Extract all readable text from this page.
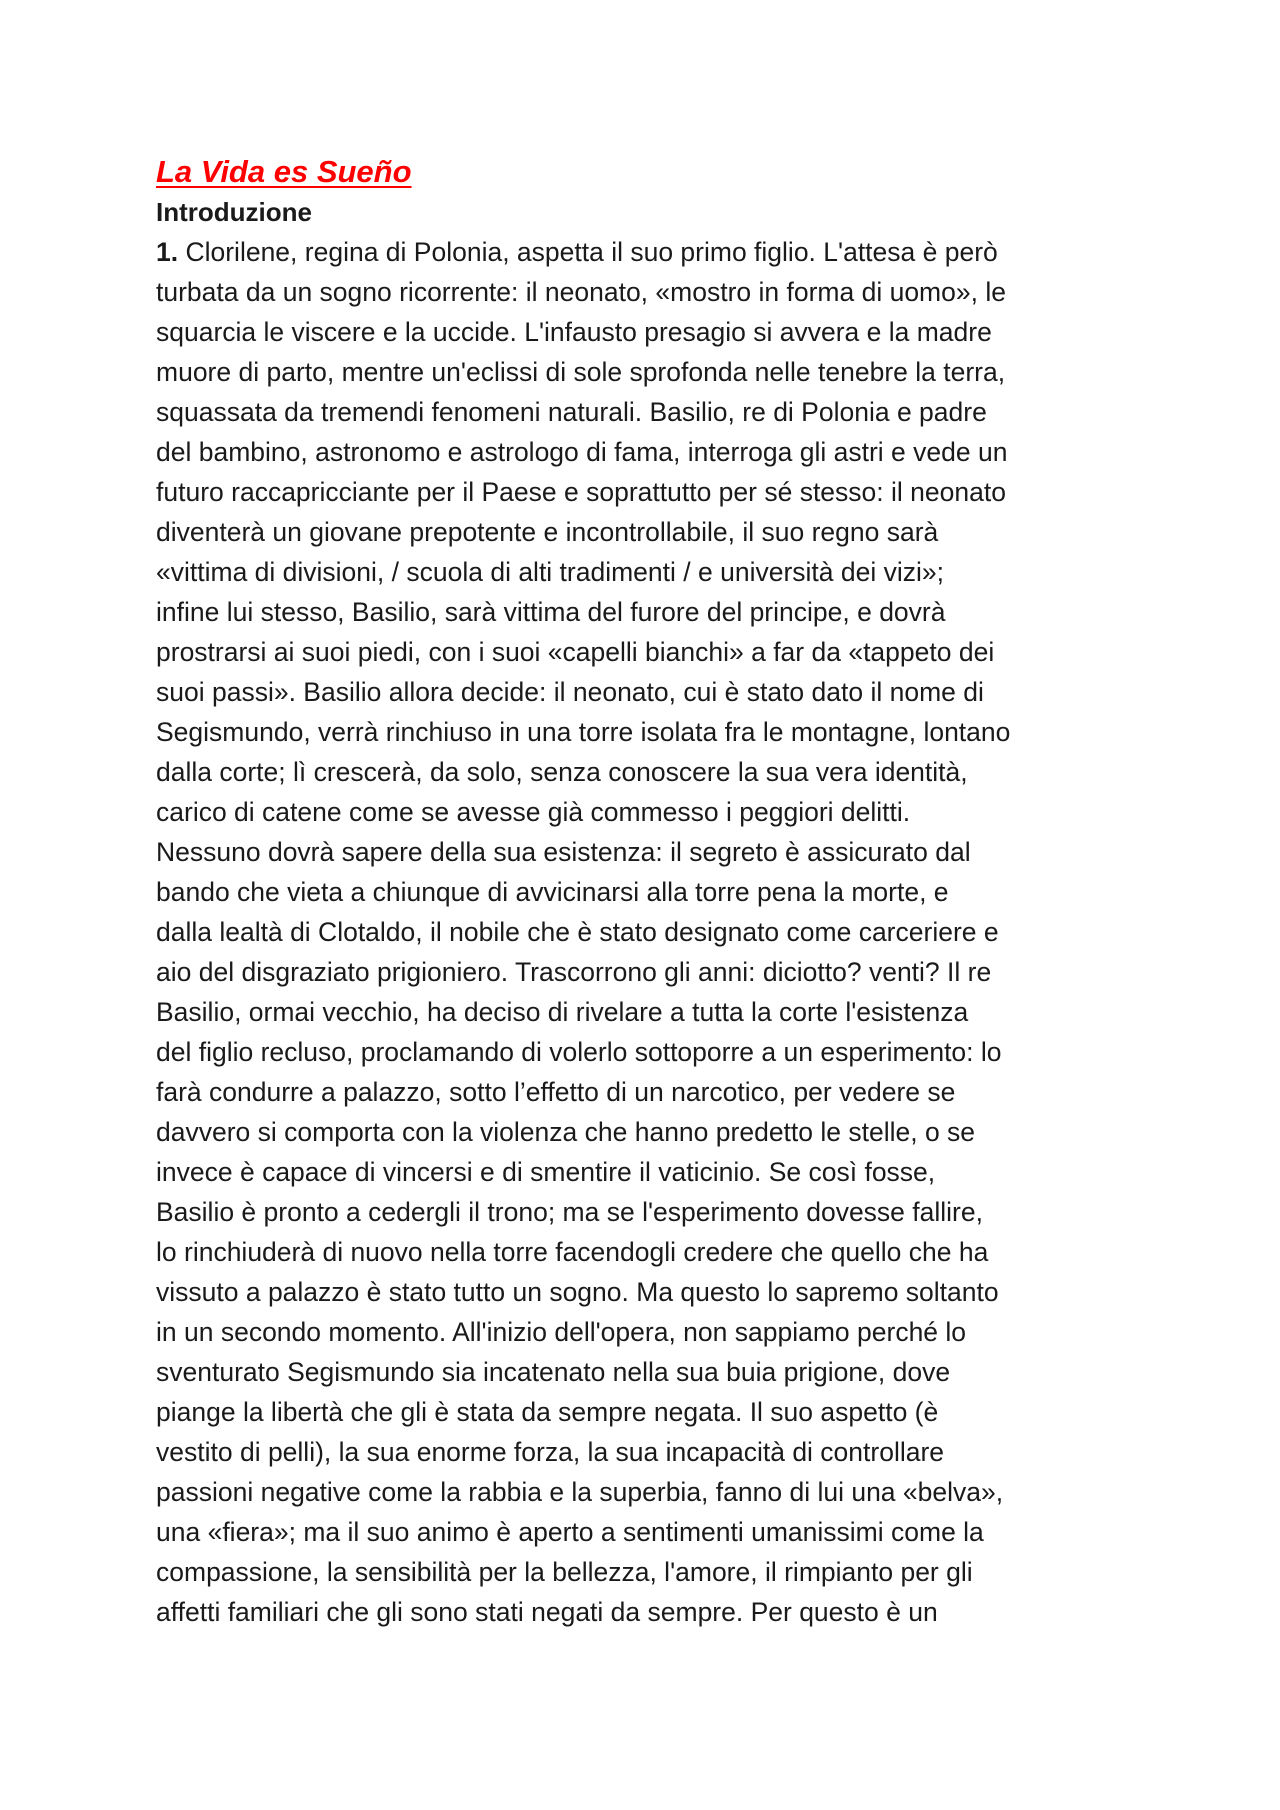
La Vida es Sueño
Introduzione
1. Clorilene, regina di Polonia, aspetta il suo primo figlio. L'attesa è però
turbata da un sogno ricorrente: il neonato, «mostro in forma di uomo», le
squarcia le viscere e la uccide. L'infausto presagio si avvera e la madre
muore di parto, mentre un'eclissi di sole sprofonda nelle tenebre la terra,
squassata da tremendi fenomeni naturali. Basilio, re di Polonia e padre
del bambino, astronomo e astrologo di fama, interroga gli astri e vede un
futuro raccapricciante per il Paese e soprattutto per sé stesso: il neonato
diventerà un giovane prepotente e incontrollabile, il suo regno sarà
«vittima di divisioni, / scuola di alti tradimenti / e università dei vizi»;
infine lui stesso, Basilio, sarà vittima del furore del principe, e dovrà
prostrarsi ai suoi piedi, con i suoi «capelli bianchi» a far da «tappeto dei
suoi passi». Basilio allora decide: il neonato, cui è stato dato il nome di
Segismundo, verrà rinchiuso in una torre isolata fra le montagne, lontano
dalla corte; lì crescerà, da solo, senza conoscere la sua vera identità,
carico di catene come se avesse già commesso i peggiori delitti.
Nessuno dovrà sapere della sua esistenza: il segreto è assicurato dal
bando che vieta a chiunque di avvicinarsi alla torre pena la morte, e
dalla lealtà di Clotaldo, il nobile che è stato designato come carceriere e
aio del disgraziato prigioniero. Trascorrono gli anni: diciotto? venti? Il re
Basilio, ormai vecchio, ha deciso di rivelare a tutta la corte l'esistenza
del figlio recluso, proclamando di volerlo sottoporre a un esperimento: lo
farà condurre a palazzo, sotto l’effetto di un narcotico, per vedere se
davvero si comporta con la violenza che hanno predetto le stelle, o se
invece è capace di vincersi e di smentire il vaticinio. Se così fosse,
Basilio è pronto a cedergli il trono; ma se l'esperimento dovesse fallire,
lo rinchiuderà di nuovo nella torre facendogli credere che quello che ha
vissuto a palazzo è stato tutto un sogno. Ma questo lo sapremo soltanto
in un secondo momento. All'inizio dell'opera, non sappiamo perché lo
sventurato Segismundo sia incatenato nella sua buia prigione, dove
piange la libertà che gli è stata da sempre negata. Il suo aspetto (è
vestito di pelli), la sua enorme forza, la sua incapacità di controllare
passioni negative come la rabbia e la superbia, fanno di lui una «belva»,
una «fiera»; ma il suo animo è aperto a sentimenti umanissimi come la
compassione, la sensibilità per la bellezza, l'amore, il rimpianto per gli
affetti familiari che gli sono stati negati da sempre. Per questo è un
